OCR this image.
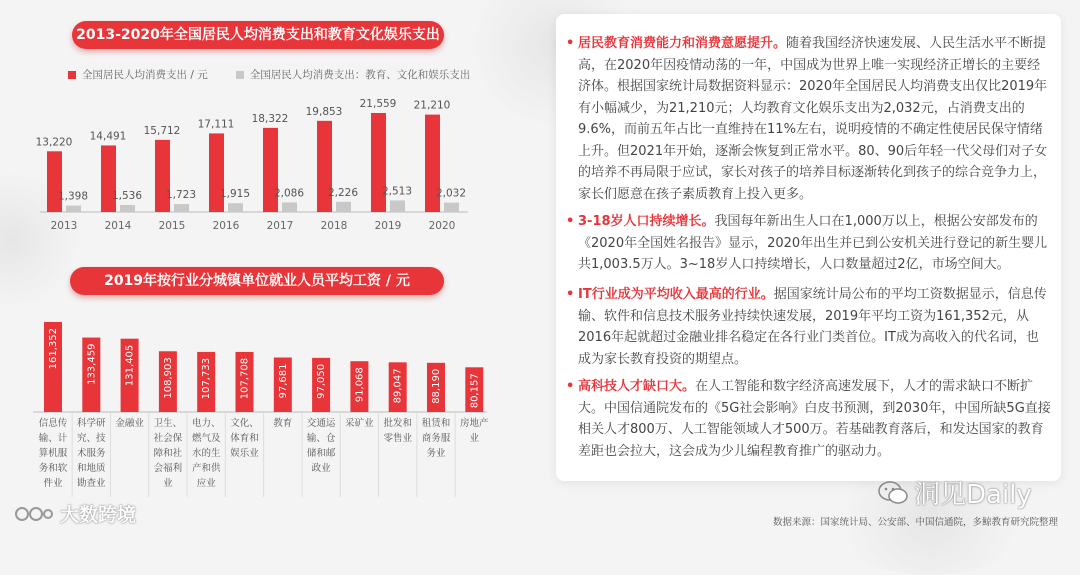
2013-2020年全国居民人均消费支出和教育文化娱乐支出
全国居民人均消费支出 / 元	全国居民人均消费支出：教育、文化和娱乐支出
13,220
1,398
2013
14,491
1,536
2014
15,712
1,723
2015
17,111
1,915
2016
18,322
2,086
2017
19,853
2,226
2018
21,559
2,513
2019
21,210
2,032
2020
2019年按行业分城镇单位就业人员平均工资 / 元
161,352
信息传
输、计
算机服
务和软
件业
133,459
科学研
究、技
术服务
和地质
勘查业
131,405
金融业
108,903
卫生、
社会保
障和社
会福利
业
107,733
电力、
燃气及
水的生
产和供
应业
107,708
文化、
体育和
娱乐业
97,681
教育
97,050
交通运
输、仓
储和邮
政业
91,068
采矿业
89,047
批发和
零售业
88,190
租赁和
商务服
务业
80,157
房地产
业
• 居民教育消费能力和消费意愿提升。随着我国经济快速发展、人民生活水平不断提高，在2020年因疫情动荡的一年，中国成为世界上唯一实现经济正增长的主要经济体。根据国家统计局数据资料显示：2020年全国居民人均消费支出仅比2019年有小幅减少，为21,210元；人均教育文化娱乐支出为2,032元，占消费支出的9.6%，而前五年占比一直维持在11%左右，说明疫情的不确定性使居民保守情绪上升。但2021年开始，逐渐会恢复到正常水平。80、90后年轻一代父母们对子女的培养不再局限于应试，家长对孩子的培养目标逐渐转化到孩子的综合竞争力上，家长们愿意在孩子素质教育上投入更多。
• 3-18岁人口持续增长。我国每年新出生人口在1,000万以上，根据公安部发布的《2020年全国姓名报告》显示，2020年出生并已到公安机关进行登记的新生婴儿共1,003.5万人。3~18岁人口持续增长，人口数量超过2亿，市场空间大。
• IT行业成为平均收入最高的行业。据国家统计局公布的平均工资数据显示，信息传输、软件和信息技术服务业持续快速发展，2019年平均工资为161,352元，从2016年起就超过金融业排名稳定在各行业门类首位。IT成为高收入的代名词，也成为家长教育投资的期望点。
• 高科技人才缺口大。在人工智能和数字经济高速发展下，人才的需求缺口不断扩大。中国信通院发布的《5G社会影响》白皮书预测，到2030年，中国所缺5G直接相关人才800万、人工智能领域人才500万。若基础教育落后，和发达国家的教育差距也会拉大，这会成为少儿编程教育推广的驱动力。
洞见Daily
大数跨境	数据来源：国家统计局、公安部、中国信通院，多鲸教育研究院整理
